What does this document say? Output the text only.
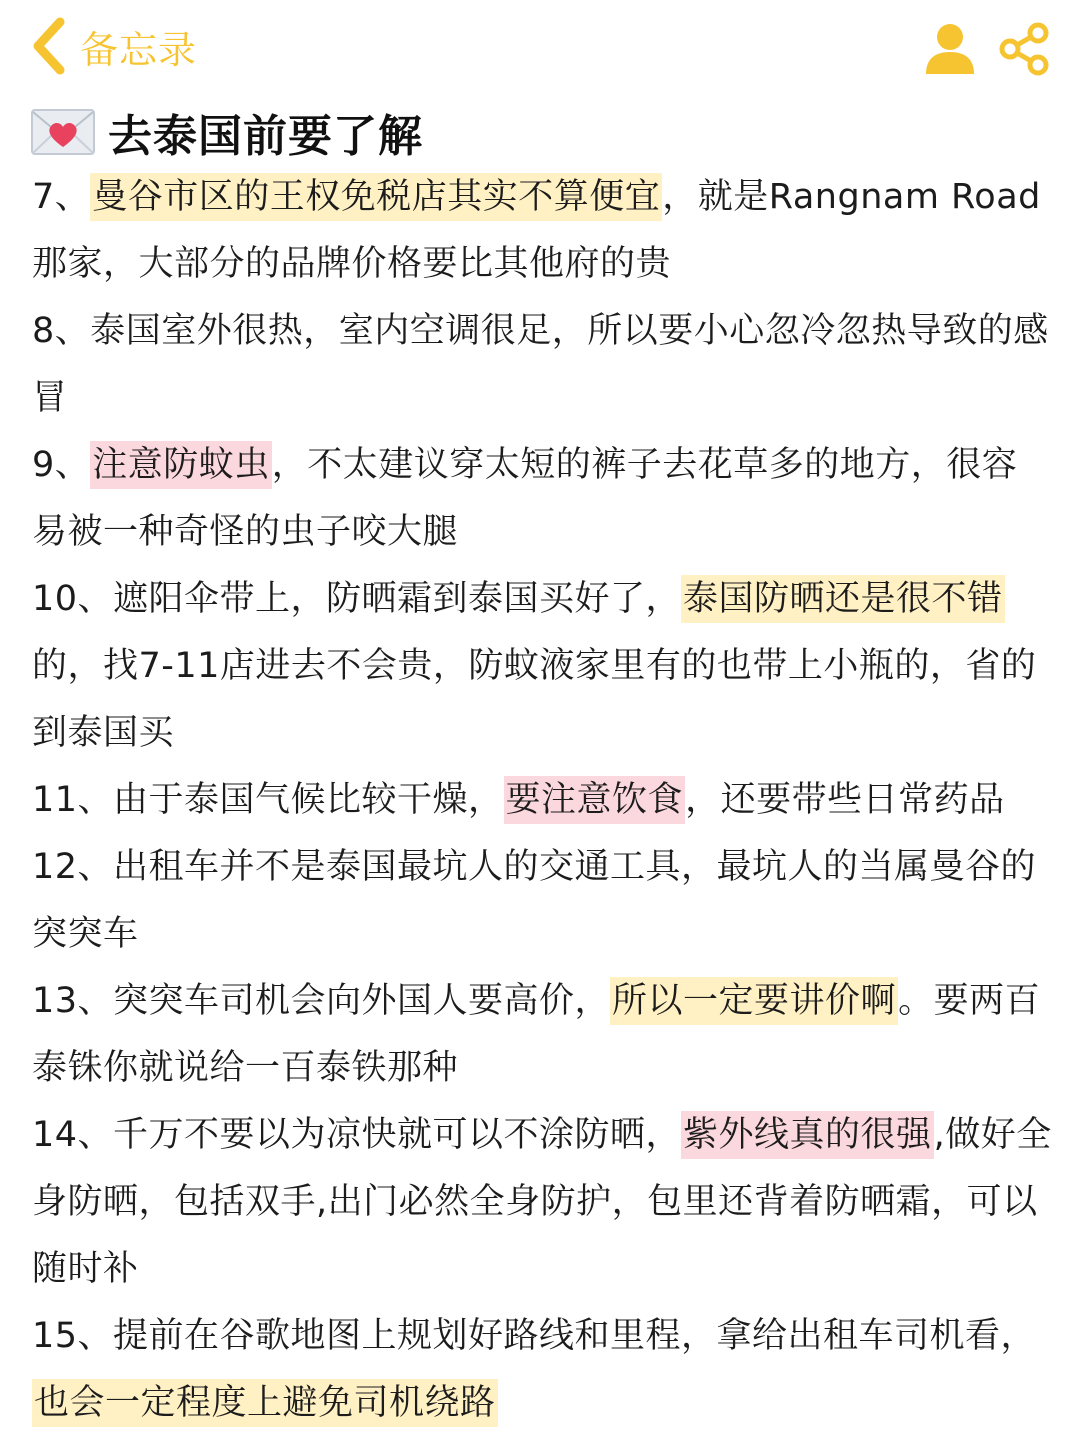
备忘录
去泰国前要了解

7、曼谷市区的王权免税店其实不算便宜，就是Rangnam Road那家，大部分的品牌价格要比其他府的贵

8、泰国室外很热，室内空调很足，所以要小心忽冷忽热导致的感冒

9、注意防蚊虫，不太建议穿太短的裤子去花草多的地方，很容易被一种奇怪的虫子咬大腿

10、遮阳伞带上，防晒霜到泰国买好了，泰国防晒还是很不错的，找7-11店进去不会贵，防蚊液家里有的也带上小瓶的，省的到泰国买

11、由于泰国气候比较干燥，要注意饮食，还要带些日常药品

12、出租车并不是泰国最坑人的交通工具，最坑人的当属曼谷的突突车

13、突突车司机会向外国人要高价，所以一定要讲价啊。要两百泰铢你就说给一百泰铁那种

14、千万不要以为凉快就可以不涂防晒，紫外线真的很强,做好全身防晒，包括双手,出门必然全身防护，包里还背着防晒霜，可以随时补

15、提前在谷歌地图上规划好路线和里程，拿给出租车司机看，也会一定程度上避免司机绕路
